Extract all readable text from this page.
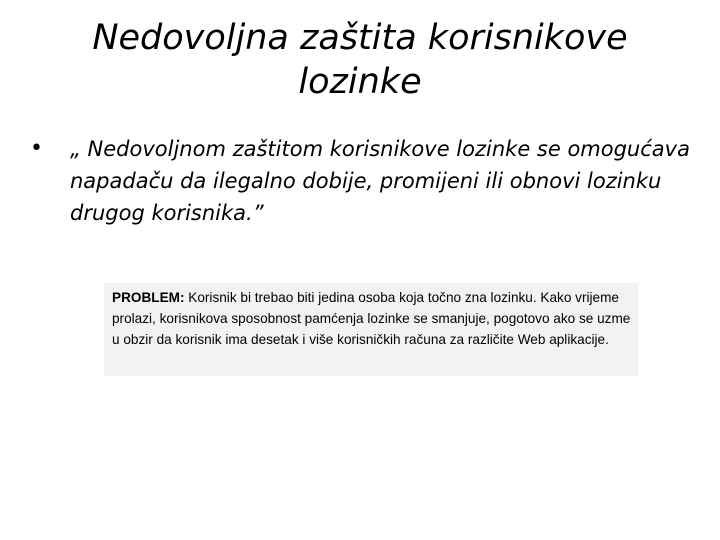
Nedovoljna zaštita korisnikove
lozinke
• „ Nedovoljnom zaštitom korisnikove lozinke se omogućava napadaču da ilegalno dobije, promijeni ili obnovi lozinku drugog korisnika.”
PROBLEM: Korisnik bi trebao biti jedina osoba koja točno zna lozinku. Kako vrijeme prolazi, korisnikova sposobnost pamćenja lozinke se smanjuje, pogotovo ako se uzme u obzir da korisnik ima desetak i više korisničkih računa za različite Web aplikacije.
